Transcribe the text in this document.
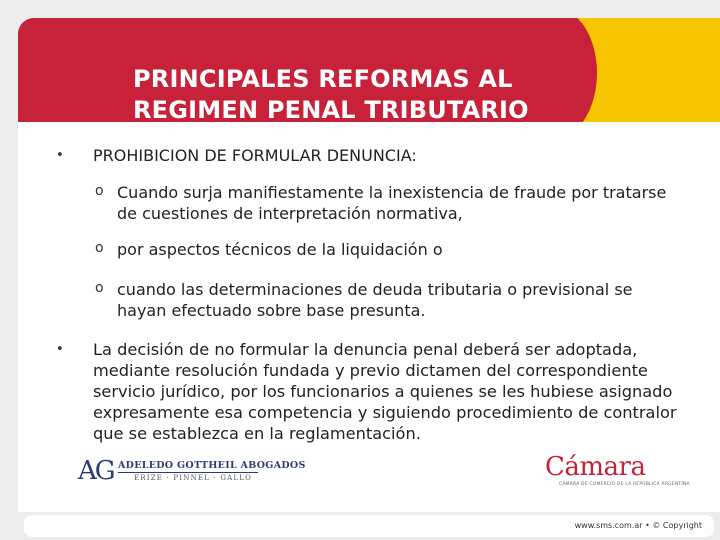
PRINCIPALES REFORMAS AL
REGIMEN PENAL TRIBUTARIO
• PROHIBICION DE FORMULAR DENUNCIA:
o Cuando surja manifiestamente la inexistencia de fraude por tratarse de cuestiones de interpretación normativa,
o por aspectos técnicos de la liquidación o
o cuando las determinaciones de deuda tributaria o previsional se hayan efectuado sobre base presunta.
• La decisión de no formular la denuncia penal deberá ser adoptada, mediante resolución fundada y previo dictamen del correspondiente servicio jurídico, por los funcionarios a quienes se les hubiese asignado expresamente esa competencia y siguiendo procedimiento de contralor que se establezca en la reglamentación.
AG ADELEDO GOTTHEIL ABOGADOS
ERIZE · PINNEL · GALLO	Cámara
CÁMARA DE COMERCIO DE LA REPÚBLICA ARGENTINA
www.sms.com.ar • © Copyright
